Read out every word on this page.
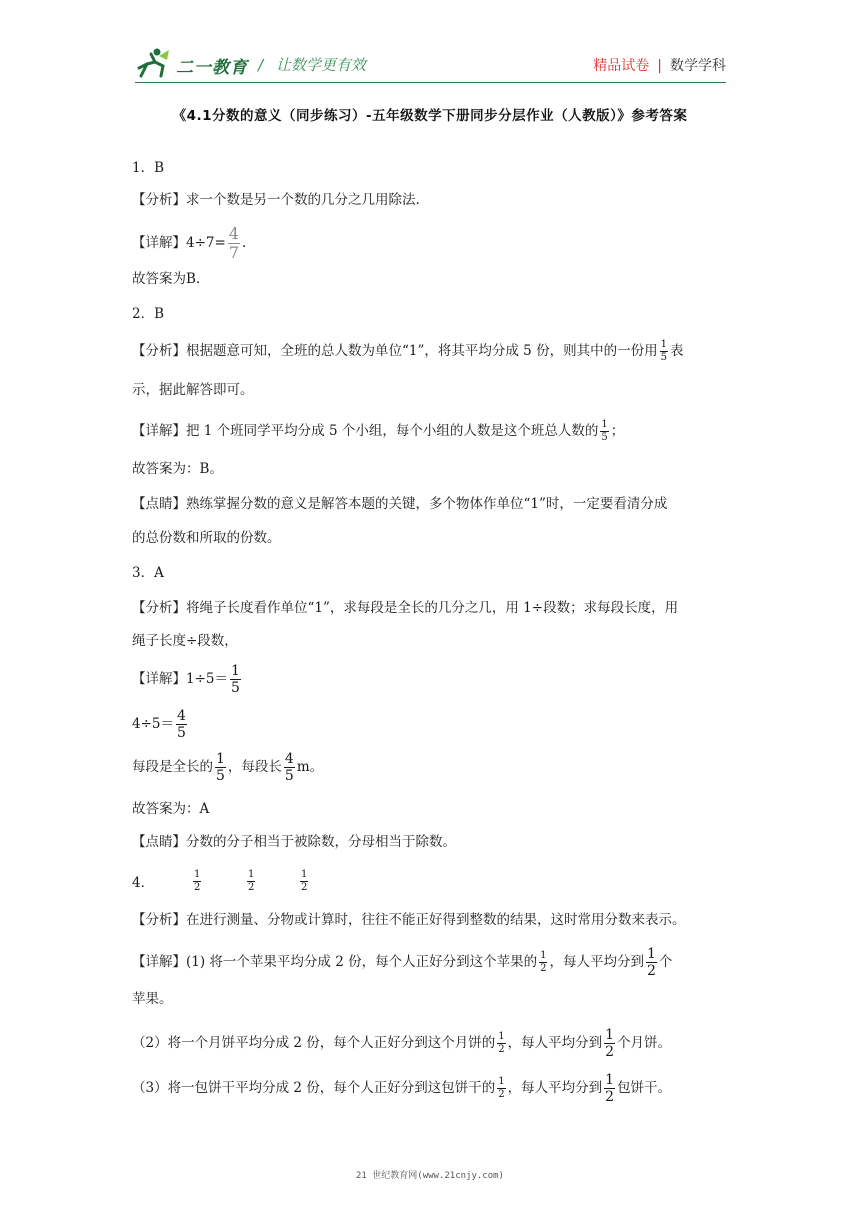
二一教育 / 让数学更有效	精品试卷 | 数学学科
《4.1分数的意义（同步练习）-五年级数学下册同步分层作业（人教版）》参考答案
1．B
【分析】求一个数是另一个数的几分之几用除法.
【详解】$4\div 7= \frac{4}{7}$ .
故答案为B.
2．B
【分析】根据题意可知，全班的总人数为单位“1”，将其平均分成 5 份，则其中的一份用 $\frac{1}{5}$ 表
示，据此解答即可。
【详解】把 1 个班同学平均分成 5 个小组，每个小组的人数是这个班总人数的 $\frac{1}{5}$ ；
故答案为：B。
【点睛】熟练掌握分数的意义是解答本题的关键，多个物体作单位“1”时，一定要看清分成
的总份数和所取的份数。
3．A
【分析】将绳子长度看作单位“1”，求每段是全长的几分之几，用 1÷段数；求每段长度，用
绳子长度÷段数，
【详解】$1\div 5= \frac{1}{5}$
$4\div 5= \frac{4}{5}$
每段是全长的 $\frac{1}{5}$ ，每段长 $\frac{4}{5}$ m。
故答案为：A
【点睛】分数的分子相当于被除数，分母相当于除数。
4．	$\frac{1}{2}$	$\frac{1}{2}$	$\frac{1}{2}$
【分析】在进行测量、分物或计算时，往往不能正好得到整数的结果，这时常用分数来表示。
【详解】(1) 将一个苹果平均分成 2 份，每个人正好分到这个苹果的 $\frac{1}{2}$ ，每人平均分到 $\frac{1}{2}$ 个
苹果。
（2）将一个月饼平均分成 2 份，每个人正好分到这个月饼的 $\frac{1}{2}$ ，每人平均分到 $\frac{1}{2}$ 个月饼。
（3）将一包饼干平均分成 2 份，每个人正好分到这包饼干的 $\frac{1}{2}$ ，每人平均分到 $\frac{1}{2}$ 包饼干。
21 世纪教育网(www.21cnjy.com)
